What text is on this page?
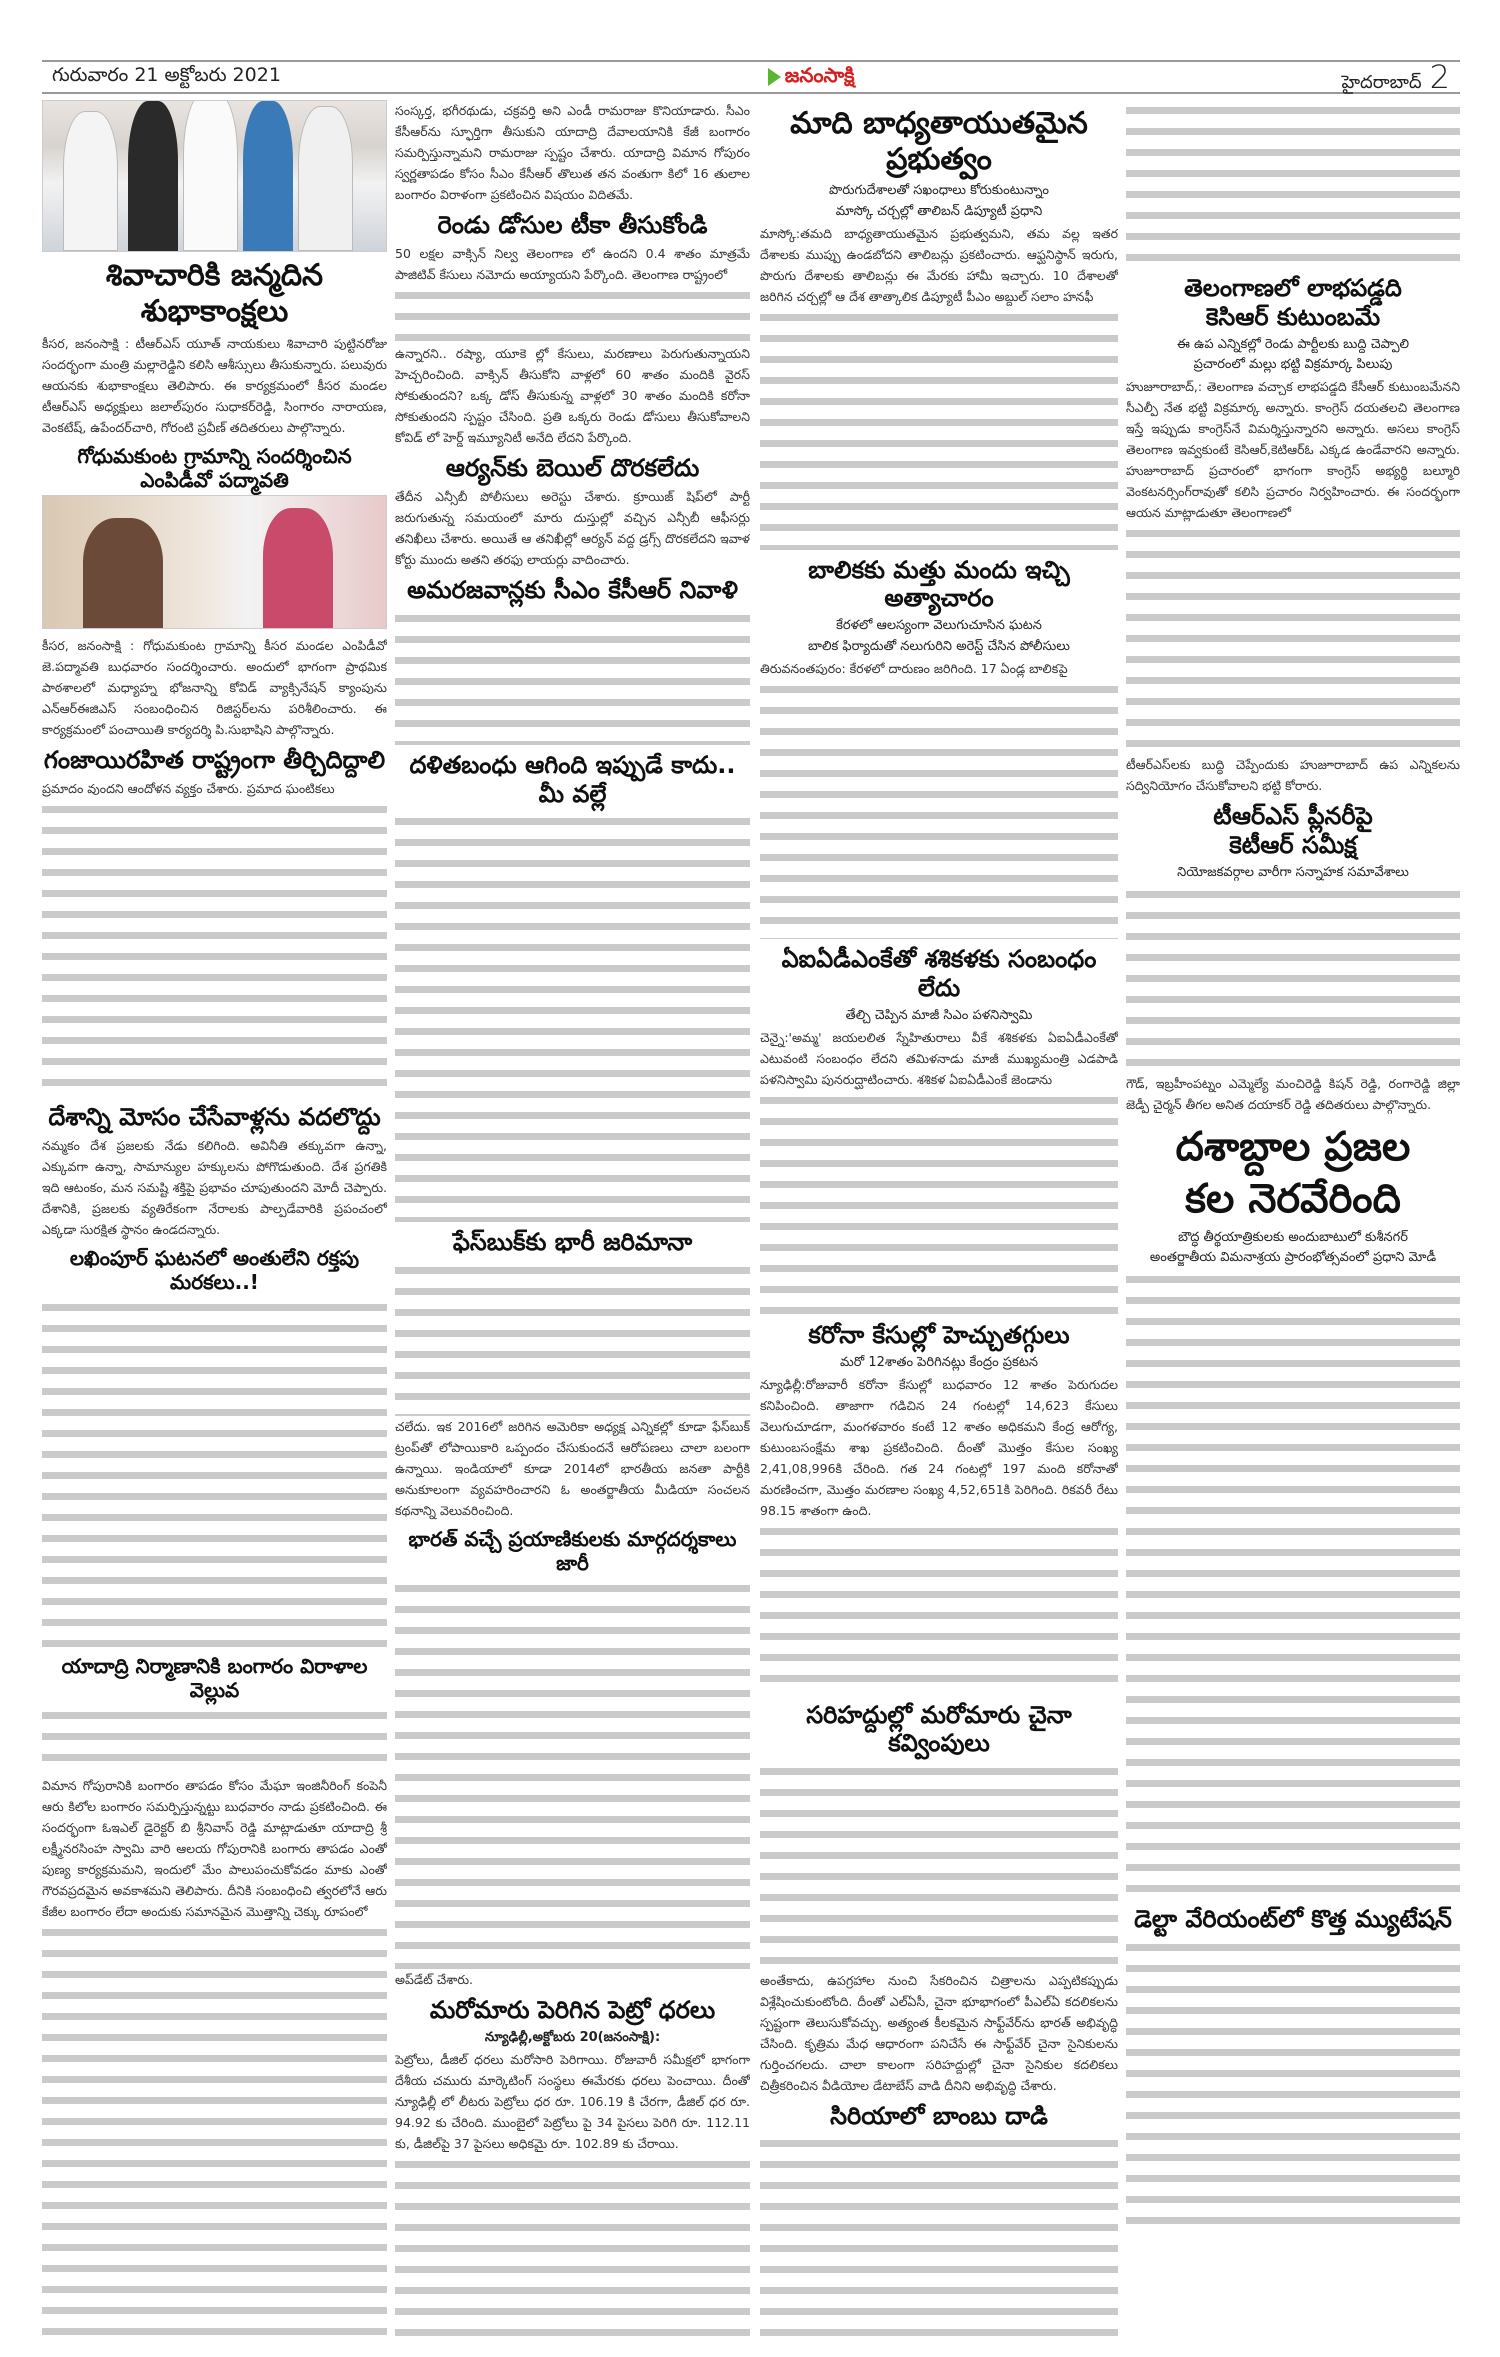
గురువారం 21 అక్టోబరు 2021	జనంసాక్షి	హైదరాబాద్ 2
శివాచారికి జన్మదిన శుభాకాంక్షలు
కీసర, జనంసాక్షి : టీఆర్ఎస్ యూత్ నాయకులు శివాచారి పుట్టినరోజు సందర్భంగా మంత్రి మల్లారెడ్డిని కలిసి ఆశీస్సులు తీసుకున్నారు. పలువురు ఆయనకు శుభాకాంక్షలు తెలిపారు. ఈ కార్యక్రమంలో కీసర మండల టీఆర్ఎస్ అధ్యక్షులు జలాల్‌పురం సుధాకర్‌రెడ్డి, సింగారం నారాయణ, వెంకటేష్, ఉపేందర్‌చారి, గోరంటి ప్రవీణ్ తదితరులు పాల్గొన్నారు.
గోధుమకుంట గ్రామాన్ని సందర్శించిన ఎంపిడీవో పద్మావతి
కీసర, జనంసాక్షి : గోధుమకుంట గ్రామాన్ని కీసర మండల ఎంపిడీవో జె.పద్మావతి బుధవారం సందర్శించారు. అందులో భాగంగా ప్రాథమిక పాఠశాలలో మధ్యాహ్న భోజనాన్ని కోవిడ్ వ్యాక్సినేషన్ క్యాంపును ఎన్ఆర్ఈజిఎస్ సంబంధించిన రిజిస్టర్‌లను పరిశీలించారు. ఈ కార్యక్రమంలో పంచాయితి కార్యదర్శి పి.సుభాషిని పాల్గొన్నారు.
గంజాయిరహిత రాష్ట్రంగా తీర్చిదిద్దాలి
ప్రమాదం వుందని ఆందోళన వ్యక్తం చేశారు. ప్రమాద ఘంటికలు
దేశాన్ని మోసం చేసేవాళ్లను వదలొద్దు
నమ్మకం దేశ ప్రజలకు నేడు కలిగింది. అవినీతి తక్కువగా ఉన్నా, ఎక్కువగా ఉన్నా, సామాన్యుల హక్కులను పోగొడుతుంది. దేశ ప్రగతికి ఇది ఆటంకం, మన సమష్టి శక్తిపై ప్రభావం చూపుతుందని మోదీ చెప్పారు. దేశానికి, ప్రజలకు వ్యతిరేకంగా నేరాలకు పాల్పడేవారికి ప్రపంచంలో ఎక్కడా సురక్షిత స్థానం ఉండదన్నారు.
లఖింపూర్ ఘటనలో అంతులేని రక్తపు మరకలు..!
యాదాద్రి నిర్మాణానికి బంగారం విరాళాల వెల్లువ
విమాన గోపురానికి బంగారం తాపడం కోసం మేఘా ఇంజినీరింగ్ కంపెనీ ఆరు కిలోల బంగారం సమర్పిస్తున్నట్టు బుధవారం నాడు ప్రకటించింది. ఈ సందర్భంగా ఓఇఎల్ డైరెక్టర్ బి శ్రీనివాస్ రెడ్డి మాట్లాడుతూ యాదాద్రి శ్రీ లక్ష్మీనరసింహ స్వామి వారి ఆలయ గోపురానికి బంగారు తాపడం ఎంతో పుణ్య కార్యక్రమమని, ఇందులో మేం పాలుపంచుకోవడం మాకు ఎంతో గౌరవప్రదమైన అవకాశమని తెలిపారు. దీనికి సంబంధించి త్వరలోనే ఆరు కేజీల బంగారం లేదా అందుకు సమానమైన మొత్తాన్ని చెక్కు రూపంలో
సంస్కర్త, భగీరథుడు, చక్రవర్తి అని ఎండీ రామరాజు కొనియాడారు. సీఎం కేసీఆర్‌ను స్ఫూర్తిగా తీసుకుని యాదాద్రి దేవాలయానికి కేజీ బంగారం సమర్పిస్తున్నామని రామరాజు స్పష్టం చేశారు. యాదాద్రి విమాన గోపురం స్వర్ణతాపడం కోసం సీఎం కేసీఆర్ తొలుత తన వంతుగా కిలో 16 తులాల బంగారం విరాళంగా ప్రకటించిన విషయం విదితమే.
రెండు డోసుల టీకా తీసుకోండి
50 లక్షల వాక్సిన్ నిల్వ తెలంగాణ లో ఉందని 0.4 శాతం మాత్రమే పాజిటివ్ కేసులు నమోదు అయ్యాయని పేర్కొంది. తెలంగాణ రాష్ట్రంలో
ఉన్నారని.. రష్యా, యూకె ల్లో కేసులు, మరణాలు పెరుగుతున్నాయని హెచ్చరించింది. వాక్సిన్ తీసుకోని వాళ్లలో 60 శాతం మందికి వైరస్ సోకుతుందని? ఒక్క డోస్ తీసుకున్న వాళ్లలో 30 శాతం మందికి కరోనా సోకుతుందని స్పష్టం చేసింది. ప్రతి ఒక్కరు రెండు డోసులు తీసుకోవాలని కోవిడ్ లో హెర్డ్ ఇమ్యూనిటీ అనేది లేదని పేర్కొంది.
ఆర్యన్‌కు బెయిల్ దొరకలేదు
తేదీన ఎన్సీబీ పోలీసులు అరెస్టు చేశారు. క్రూయిజ్ షిప్‌లో పార్టీ జరుగుతున్న సమయంలో మారు దుస్తుల్లో వచ్చిన ఎన్సీబీ ఆఫీసర్లు తనిఖీలు చేశారు. అయితే ఆ తనిఖీల్లో ఆర్యన్ వద్ద డ్రగ్స్ దొరకలేదని ఇవాళ కోర్టు ముందు అతని తరఫు లాయర్లు వాదించారు.
అమరజవాన్లకు సీఎం కేసీఆర్ నివాళి
దళితబంధు ఆగింది ఇప్పుడే కాదు.. మీ వల్లే
ఫేస్‌బుక్‌కు భారీ జరిమానా
చలేదు. ఇక 2016లో జరిగిన అమెరికా అధ్యక్ష ఎన్నికల్లో కూడా ఫేస్‌బుక్ ట్రంప్‌తో లోపాయికారి ఒప్పందం చేసుకుందనే ఆరోపణలు చాలా బలంగా ఉన్నాయి. ఇండియాలో కూడా 2014లో భారతీయ జనతా పార్టీకి అనుకూలంగా వ్యవహరించారని ఓ అంతర్జాతీయ మీడియా సంచలన కథనాన్ని వెలువరించింది.
భారత్ వచ్చే ప్రయాణికులకు మార్గదర్శకాలు జారీ
అప్‌డేట్ చేశారు.
మరోమారు పెరిగిన పెట్రో ధరలు
న్యూఢిల్లీ,అక్టోబరు 20(జనంసాక్షి):
పెట్రోలు, డీజిల్ ధరలు మరోసారి పెరిగాయి. రోజువారీ సమీక్షలో భాగంగా దేశీయ చమురు మార్కెటింగ్ సంస్థలు ఈమేరకు ధరలు పెంచాయి. దీంతో న్యూఢిల్లీ లో లీటరు పెట్రోలు ధర రూ. 106.19 కి చేరగా, డీజిల్ ధర రూ. 94.92 కు చేరింది. ముంబైలో పెట్రోలు పై 34 పైసలు పెరిగి రూ. 112.11 కు, డీజిల్‌పై 37 పైసలు అధికమై రూ. 102.89 కు చేరాయి.
మాది బాధ్యతాయుతమైన ప్రభుత్వం
పొరుగుదేశాలతో సఖంధాలు కోరుకుంటున్నాం
మాస్కో చర్చల్లో తాలిబన్ డిప్యూటీ ప్రధాని
మాస్కో:తమది బాధ్యతాయుతమైన ప్రభుత్వమని, తమ వల్ల ఇతర దేశాలకు ముప్పు ఉండబోదని తాలిబన్లు ప్రకటించారు. ఆఫ్ఘనిస్థాన్ ఇరుగు, పొరుగు దేశాలకు తాలిబన్లు ఈ మేరకు హామీ ఇచ్చారు. 10 దేశాలతో జరిగిన చర్చల్లో ఆ దేశ తాత్కాలిక డిప్యూటీ పీఎం అబ్దుల్ సలాం హనఫీ
బాలికకు మత్తు మందు ఇచ్చి అత్యాచారం
కేరళలో ఆలస్యంగా వెలుగుచూసిన ఘటన
బాలిక ఫిర్యాదుతో నలుగురిని అరెస్ట్ చేసిన పోలీసులు
తిరువనంతపురం: కేరళలో దారుణం జరిగింది. 17 ఏండ్ల బాలికపై
ఏఐఏడీఎంకేతో శశికళకు సంబంధం లేదు
తేల్చి చెప్పిన మాజీ సిఎం పళనిస్వామి
చెన్నై:'అమ్మ' జయలలిత స్నేహితురాలు వీకే శశికళకు ఏఐఏడీఎంకేతో ఎటువంటి సంబంధం లేదని తమిళనాడు మాజీ ముఖ్యమంత్రి ఎడపాడి పళనిస్వామి పునరుద్ఘాటించారు. శశికళ ఏఐఏడీఎంకే జెండాను
కరోనా కేసుల్లో హెచ్చుతగ్గులు
మరో 12శాతం పెరిగినట్లు కేంద్రం ప్రకటన
న్యూఢిల్లీ:రోజువారీ కరోనా కేసుల్లో బుధవారం 12 శాతం పెరుగుదల కనిపించింది. తాజాగా గడిచిన 24 గంటల్లో 14,623 కేసులు వెలుగుచూడగా, మంగళవారం కంటే 12 శాతం అధికమని కేంద్ర ఆరోగ్య, కుటుంబసంక్షేమ శాఖ ప్రకటించింది. దీంతో మొత్తం కేసుల సంఖ్య 2,41,08,996కి చేరింది. గత 24 గంటల్లో 197 మంది కరోనాతో మరణించగా, మొత్తం మరణాల సంఖ్య 4,52,651కి పెరిగింది. రికవరీ రేటు 98.15 శాతంగా ఉంది.
సరిహద్దుల్లో మరోమారు చైనా కవ్వింపులు
అంతేకాదు, ఉపగ్రహాల నుంచి సేకరించిన చిత్రాలను ఎప్పటికప్పుడు విశ్లేషించుకుంటోంది. దీంతో ఎల్ఏసీ, చైనా భూభాగంలో పీఎల్ఏ కదలికలను స్పష్టంగా తెలుసుకోవచ్చు. అత్యంత కీలకమైన సాఫ్ట్‌వేర్‌ను భారత్ అభివృద్ధి చేసింది. కృత్రిమ మేధ ఆధారంగా పనిచేసే ఈ సాఫ్ట్‌వేర్ చైనా సైనికులను గుర్తించగలదు. చాలా కాలంగా సరిహద్దుల్లో చైనా సైనికుల కదలికలు చిత్రీకరించిన వీడియోల డేటాబేస్ వాడి దీనిని అభివృద్ధి చేశారు.
సిరియాలో బాంబు దాడి
తెలంగాణలో లాభపడ్డది
కెసిఆర్ కుటుంబమే
ఈ ఉప ఎన్నికల్లో రెండు పార్టీలకు బుద్ది చెప్పాలి
ప్రచారంలో మల్లు భట్టి విక్రమార్క పిలుపు
హుజూరాబాద్,: తెలంగాణ వచ్చాక లాభపడ్డది కేసీఆర్ కుటుంబమేనని సీఎల్పీ నేత భట్టి విక్రమార్క అన్నారు. కాంగ్రెస్ దయతలచి తెలంగాణ ఇస్తే ఇప్పుడు కాంగ్రెస్‌నే విమర్శిస్తున్నారని అన్నారు. అసలు కాంగ్రెస్ తెలంగాణ ఇవ్వకుంటే కెసిఆర్,కెటిఆర్‌ఓ ఎక్కడ ఉండేవారని అన్నారు. హుజూరాబాద్ ప్రచారంలో భాగంగా కాంగ్రెస్ అభ్యర్థి బల్మూరి వెంకటనర్సింగ్‌రావుతో కలిసి ప్రచారం నిర్వహించారు. ఈ సందర్భంగా ఆయన మాట్లాడుతూ తెలంగాణలో
టీఆర్ఎస్‌లకు బుద్ధి చెప్పేందుకు హుజూరాబాద్ ఉప ఎన్నికలను సద్వినియోగం చేసుకోవాలని భట్టి కోరారు.
టీఆర్ఎస్ ప్లీనరీపై
కెటీఆర్ సమీక్ష
నియోజకవర్గాల వారీగా సన్నాహక సమావేశాలు
గౌడ్, ఇబ్రహీంపట్నం ఎమ్మెల్యే మంచిరెడ్డి కిషన్ రెడ్డి, రంగారెడ్డి జిల్లా జెడ్పీ చైర్మన్ తీగల అనిత దయాకర్ రెడ్డి తదితరులు పాల్గొన్నారు.
దశాబ్దాల ప్రజల
కల నెరవేరింది
బౌద్ధ తీర్థయాత్రికులకు అందుబాటులో కుశీనగర్
అంతర్జాతీయ విమనాశ్రయ ప్రారంభోత్సవంలో ప్రధాని మోడీ
డెల్టా వేరియంట్‌లో కొత్త మ్యుటేషన్
